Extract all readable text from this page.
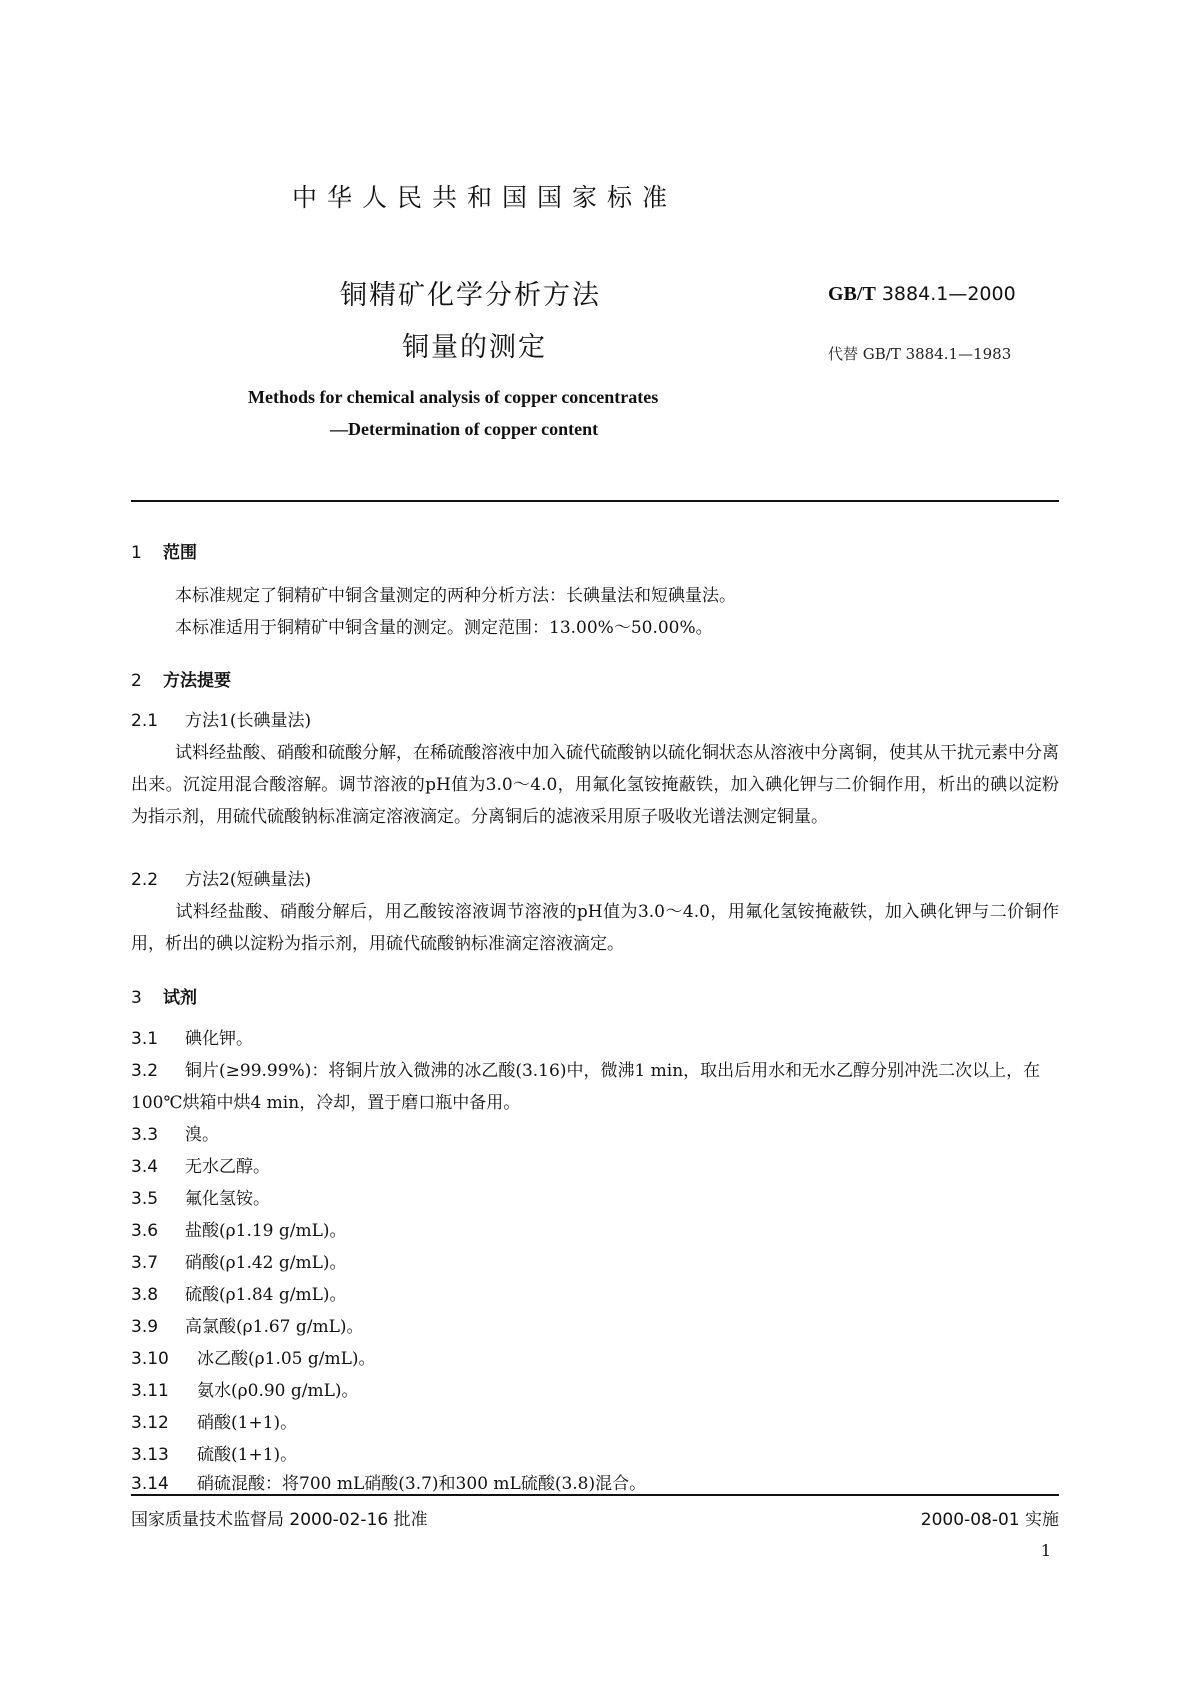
中华人民共和国国家标准
铜精矿化学分析方法
铜量的测定
GB/T 3884.1—2000
代替 GB/T 3884.1—1983
Methods for chemical analysis of copper concentrates
—Determination of copper content
1 范围
本标准规定了铜精矿中铜含量测定的两种分析方法：长碘量法和短碘量法。
本标准适用于铜精矿中铜含量的测定。测定范围：13.00%～50.00%。
2 方法提要
2.1 方法1(长碘量法)
试料经盐酸、硝酸和硫酸分解，在稀硫酸溶液中加入硫代硫酸钠以硫化铜状态从溶液中分离铜，使其从干扰元素中分离出来。沉淀用混合酸溶解。调节溶液的pH值为3.0～4.0，用氟化氢铵掩蔽铁，加入碘化钾与二价铜作用，析出的碘以淀粉为指示剂，用硫代硫酸钠标准滴定溶液滴定。分离铜后的滤液采用原子吸收光谱法测定铜量。
2.2 方法2(短碘量法)
试料经盐酸、硝酸分解后，用乙酸铵溶液调节溶液的pH值为3.0～4.0，用氟化氢铵掩蔽铁，加入碘化钾与二价铜作用，析出的碘以淀粉为指示剂，用硫代硫酸钠标准滴定溶液滴定。
3 试剂
3.1 碘化钾。
3.2 铜片(≥99.99%)：将铜片放入微沸的冰乙酸(3.16)中，微沸1 min，取出后用水和无水乙醇分别冲洗二次以上，在100℃烘箱中烘4 min，冷却，置于磨口瓶中备用。
3.3 溴。
3.4 无水乙醇。
3.5 氟化氢铵。
3.6 盐酸(ρ1.19 g/mL)。
3.7 硝酸(ρ1.42 g/mL)。
3.8 硫酸(ρ1.84 g/mL)。
3.9 高氯酸(ρ1.67 g/mL)。
3.10 冰乙酸(ρ1.05 g/mL)。
3.11 氨水(ρ0.90 g/mL)。
3.12 硝酸(1+1)。
3.13 硫酸(1+1)。
3.14 硝硫混酸：将700 mL硝酸(3.7)和300 mL硫酸(3.8)混合。
国家质量技术监督局 2000-02-16 批准	2000-08-01 实施
1
